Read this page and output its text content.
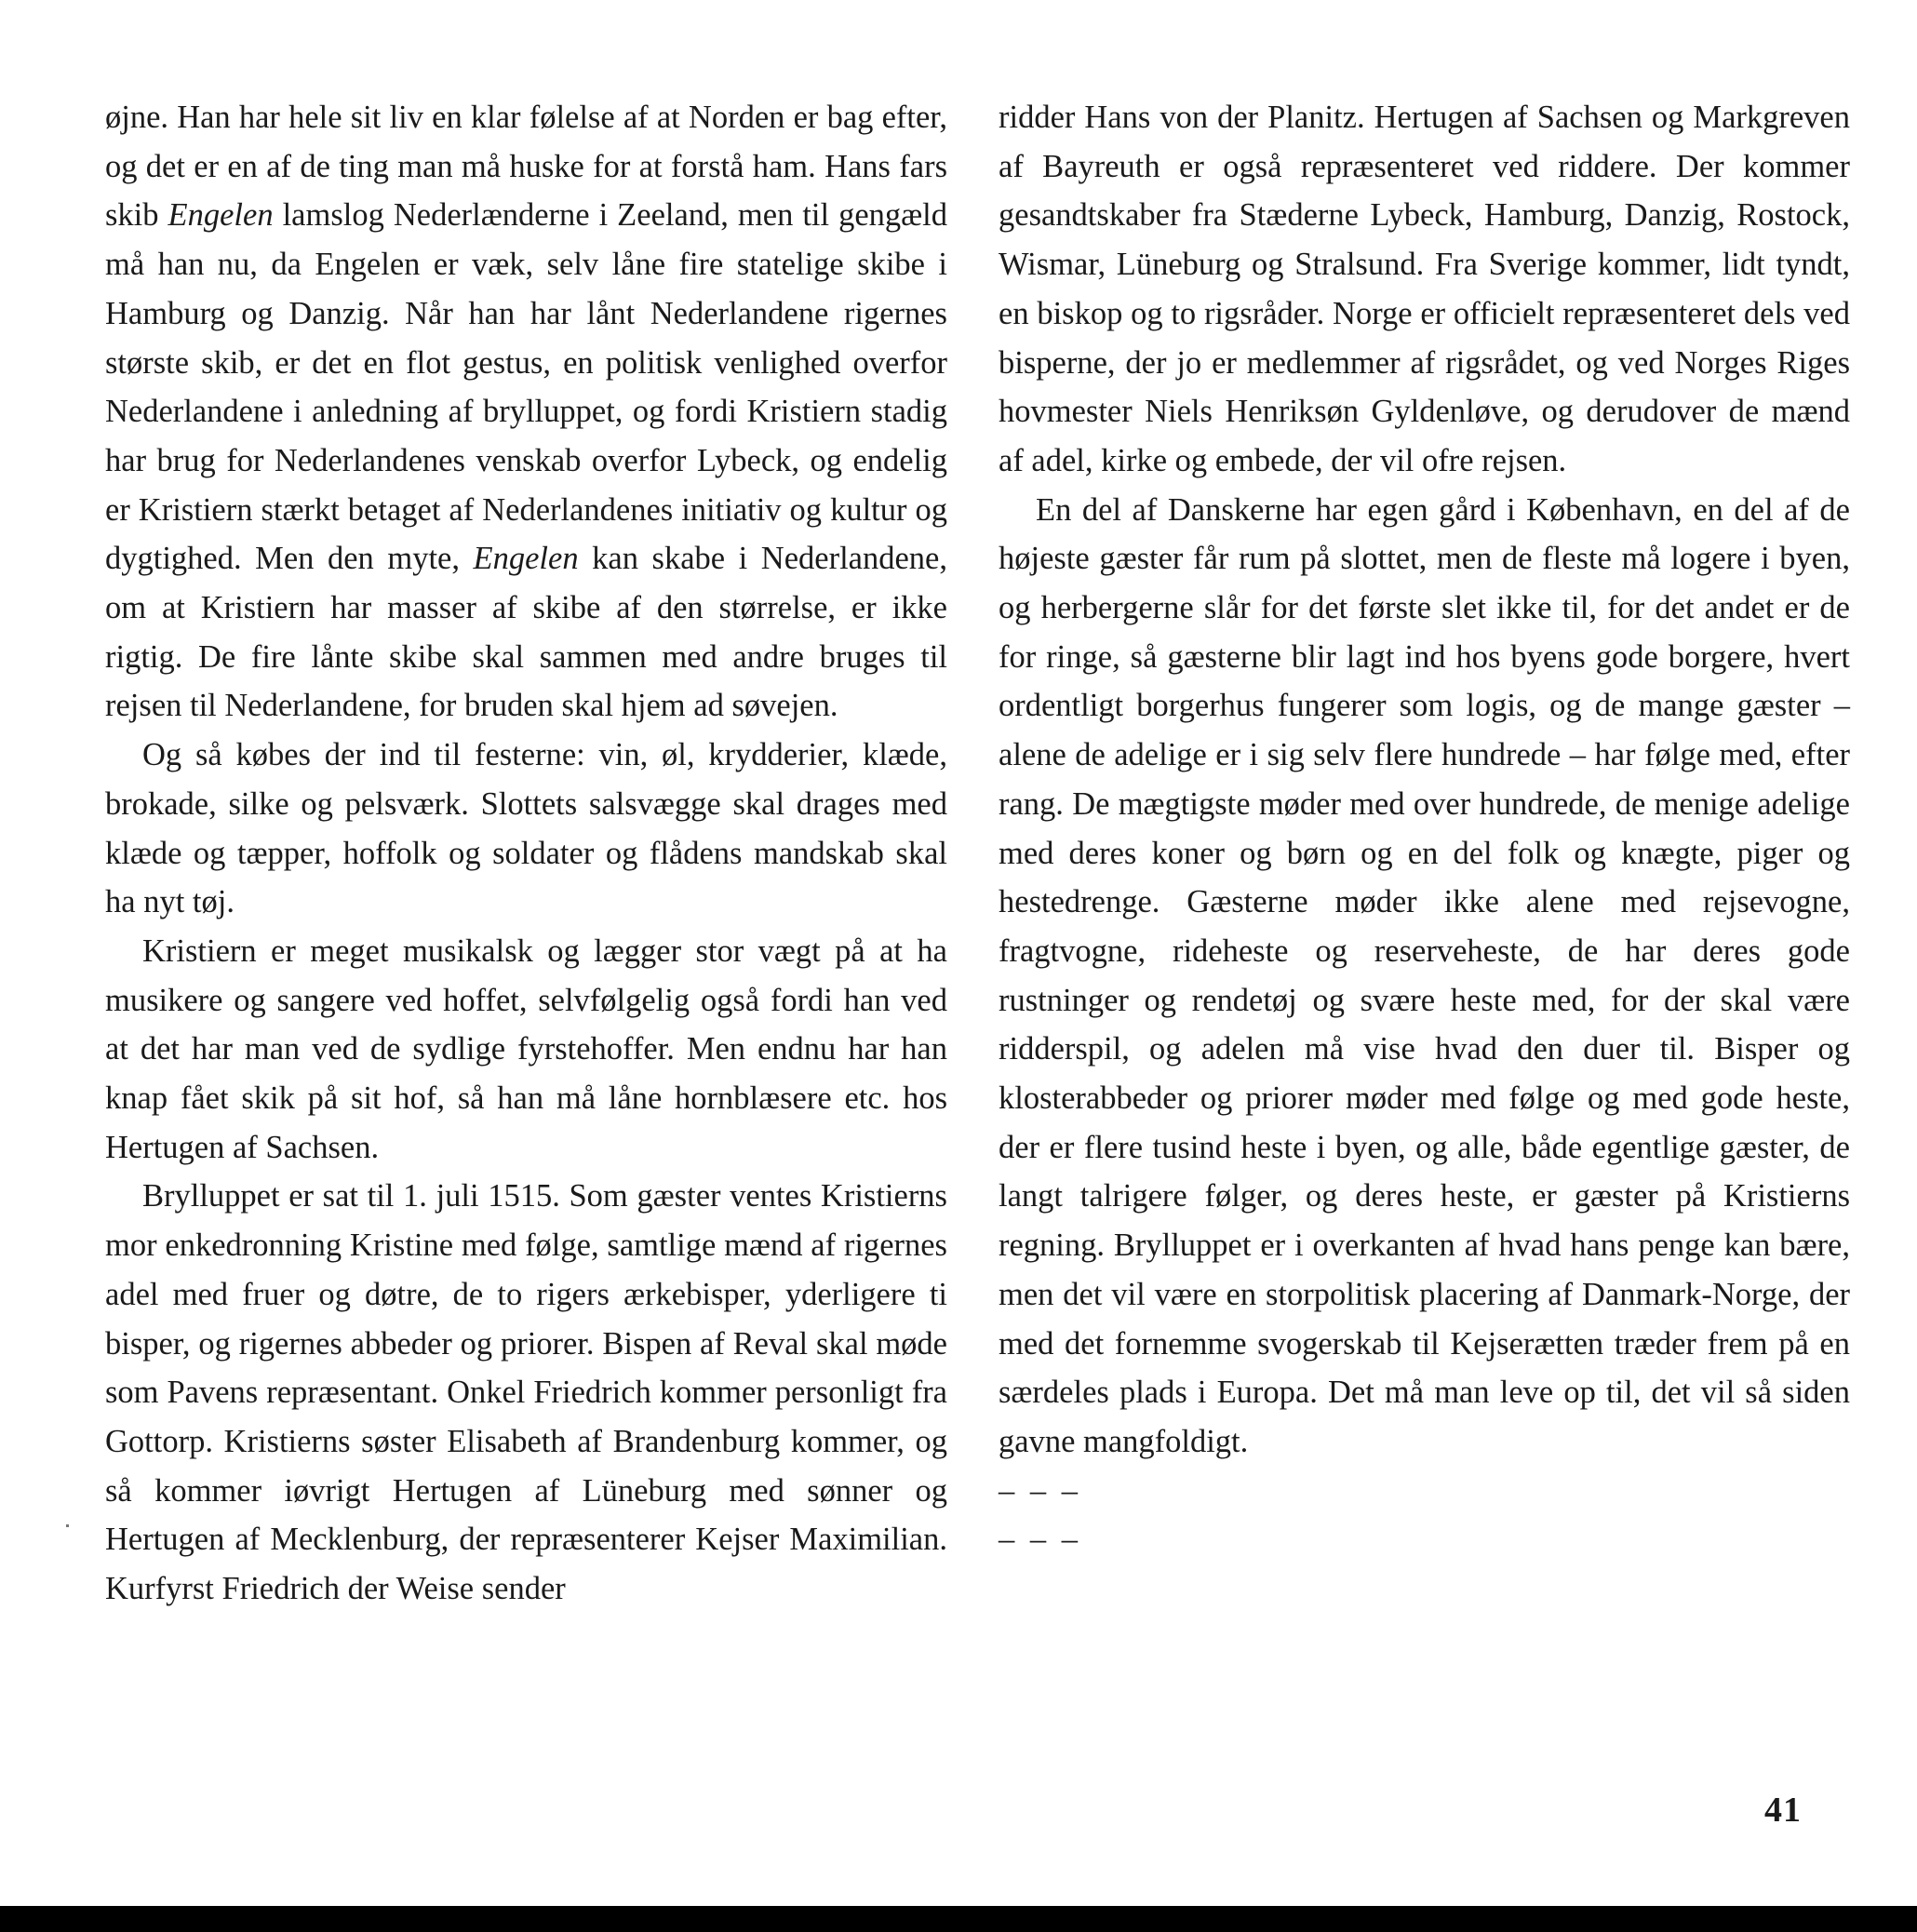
øjne. Han har hele sit liv en klar følelse af at Norden er bag efter, og det er en af de ting man må huske for at forstå ham. Hans fars skib Engelen lamslog Nederlænderne i Zeeland, men til gengæld må han nu, da Engelen er væk, selv låne fire statelige skibe i Hamburg og Danzig. Når han har lånt Nederlandene rigernes største skib, er det en flot gestus, en politisk venlighed overfor Nederlandene i anledning af brylluppet, og fordi Kristiern stadig har brug for Nederlandenes venskab overfor Lybeck, og endelig er Kristiern stærkt betaget af Nederlandenes initiativ og kultur og dygtighed. Men den myte, Engelen kan skabe i Nederlandene, om at Kristiern har masser af skibe af den størrelse, er ikke rigtig. De fire lånte skibe skal sammen med andre bruges til rejsen til Nederlandene, for bruden skal hjem ad søvejen.

Og så købes der ind til festerne: vin, øl, krydderier, klæde, brokade, silke og pelsværk. Slottets salsvægge skal drages med klæde og tæpper, hoffolk og soldater og flådens mandskab skal ha nyt tøj.

Kristiern er meget musikalsk og lægger stor vægt på at ha musikere og sangere ved hoffet, selvfølgelig også fordi han ved at det har man ved de sydlige fyrstehoffer. Men endnu har han knap fået skik på sit hof, så han må låne hornblæsere etc. hos Hertugen af Sachsen.

Brylluppet er sat til 1. juli 1515. Som gæster ventes Kristierns mor enkedronning Kristine med følge, samtlige mænd af rigernes adel med fruer og døtre, de to rigers ærkebisper, yderligere ti bisper, og rigernes abbeder og priorer. Bispen af Reval skal møde som Pavens repræsentant. Onkel Friedrich kommer personligt fra Gottorp. Kristierns søster Elisabeth af Brandenburg kommer, og så kommer iøvrigt Hertugen af Lüneburg med sønner og Hertugen af Mecklenburg, der repræsenterer Kejser Maximilian. Kurfyrst Friedrich der Weise sender

ridder Hans von der Planitz. Hertugen af Sachsen og Markgreven af Bayreuth er også repræsenteret ved riddere. Der kommer gesandtskaber fra Stæderne Lybeck, Hamburg, Danzig, Rostock, Wismar, Lüneburg og Stralsund. Fra Sverige kommer, lidt tyndt, en biskop og to rigsråder. Norge er officielt repræsenteret dels ved bisperne, der jo er medlemmer af rigsrådet, og ved Norges Riges hovmester Niels Henriksøn Gyldenløve, og derudover de mænd af adel, kirke og embede, der vil ofre rejsen.

En del af Danskerne har egen gård i København, en del af de højeste gæster får rum på slottet, men de fleste må logere i byen, og herbergerne slår for det første slet ikke til, for det andet er de for ringe, så gæsterne blir lagt ind hos byens gode borgere, hvert ordentligt borgerhus fungerer som logis, og de mange gæster – alene de adelige er i sig selv flere hundrede – har følge med, efter rang. De mægtigste møder med over hundrede, de menige adelige med deres koner og børn og en del folk og knægte, piger og hestedrenge. Gæsterne møder ikke alene med rejsevogne, fragtvogne, rideheste og reserveheste, de har deres gode rustninger og rendetøj og svære heste med, for der skal være ridderspil, og adelen må vise hvad den duer til. Bisper og klosterabbeder og priorer møder med følge og med gode heste, der er flere tusind heste i byen, og alle, både egentlige gæster, de langt talrigere følger, og deres heste, er gæster på Kristierns regning. Brylluppet er i overkanten af hvad hans penge kan bære, men det vil være en storpolitisk placering af Danmark-Norge, der med det fornemme svogerskab til Kejserætten træder frem på en særdeles plads i Europa. Det må man leve op til, det vil så siden gavne mangfoldigt.

– – –

– – –

41
